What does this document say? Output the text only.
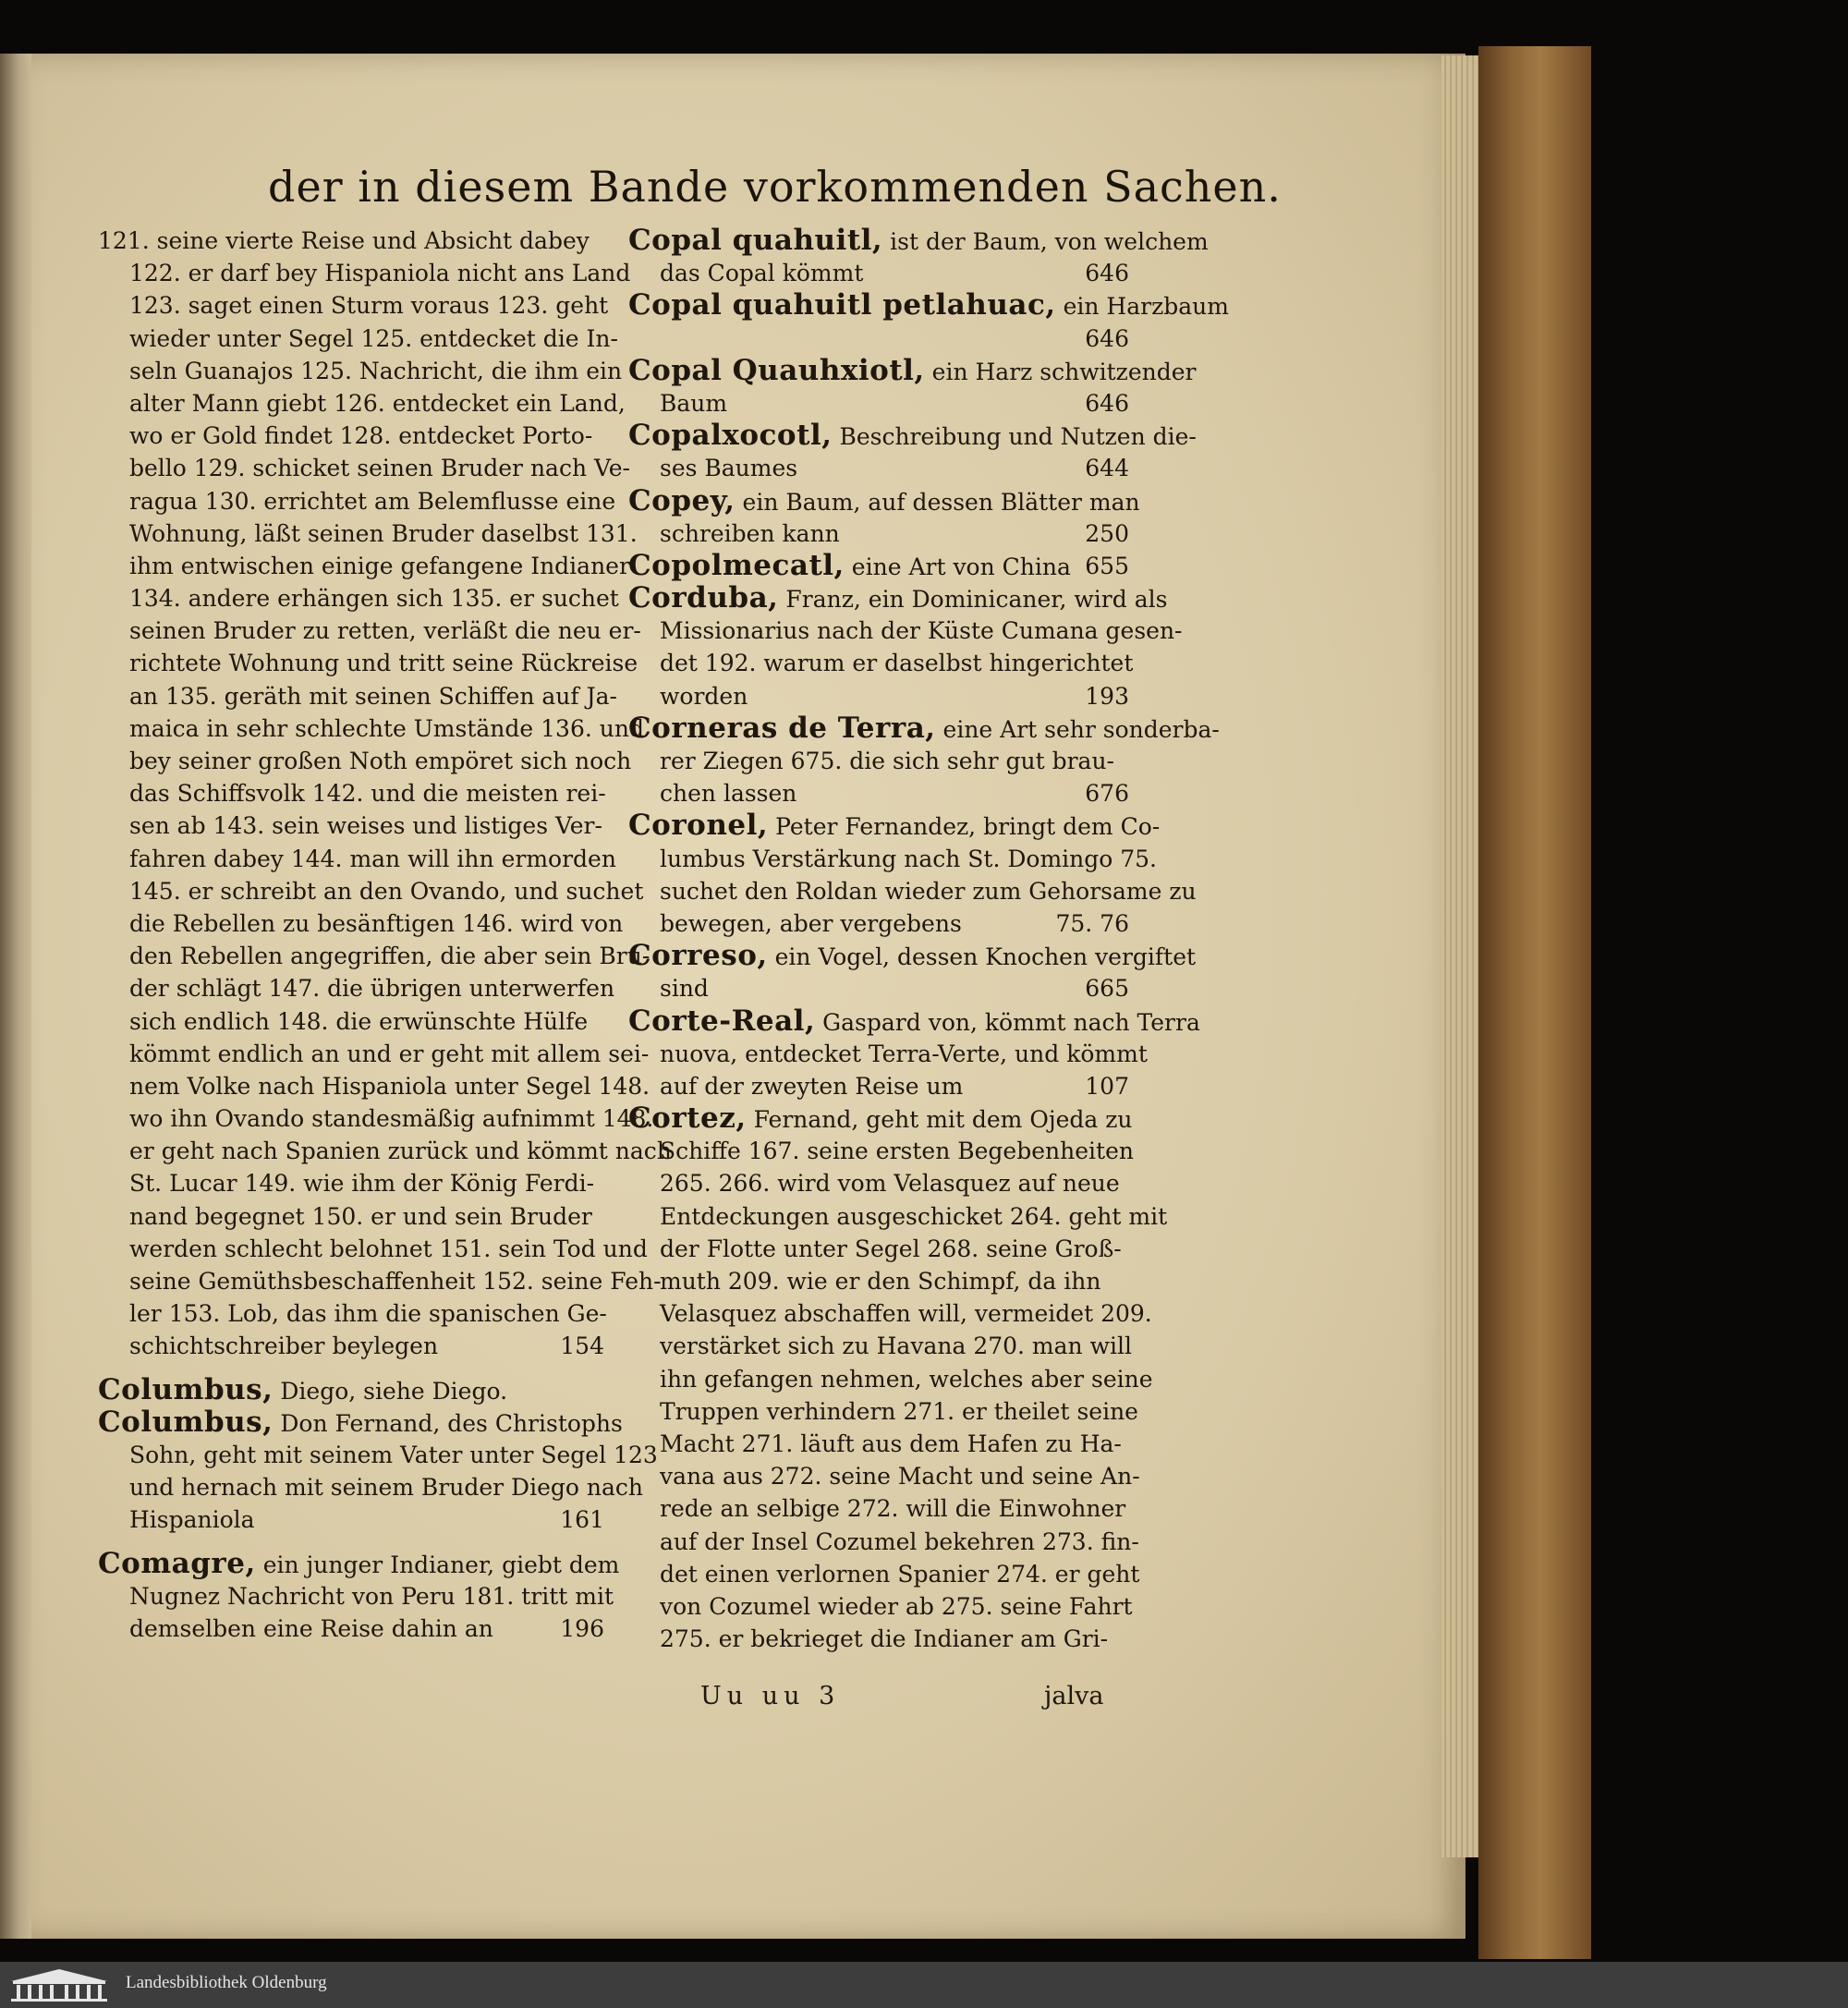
der in diesem Bande vorkommenden Sachen.
121. seine vierte Reise und Absicht dabey
122. er darf bey Hispaniola nicht ans Land
123. saget einen Sturm voraus 123. geht
wieder unter Segel 125. entdecket die In-
seln Guanajos 125. Nachricht, die ihm ein
alter Mann giebt 126. entdecket ein Land,
wo er Gold findet 128. entdecket Porto-
bello 129. schicket seinen Bruder nach Ve-
ragua 130. errichtet am Belemflusse eine
Wohnung, läßt seinen Bruder daselbst 131.
ihm entwischen einige gefangene Indianer
134. andere erhängen sich 135. er suchet
seinen Bruder zu retten, verläßt die neu er-
richtete Wohnung und tritt seine Rückreise
an 135. geräth mit seinen Schiffen auf Ja-
maica in sehr schlechte Umstände 136. und
bey seiner großen Noth empöret sich noch
das Schiffsvolk 142. und die meisten rei-
sen ab 143. sein weises und listiges Ver-
fahren dabey 144. man will ihn ermorden
145. er schreibt an den Ovando, und suchet
die Rebellen zu besänftigen 146. wird von
den Rebellen angegriffen, die aber sein Bru-
der schlägt 147. die übrigen unterwerfen
sich endlich 148. die erwünschte Hülfe
kömmt endlich an und er geht mit allem sei-
nem Volke nach Hispaniola unter Segel 148.
wo ihn Ovando standesmäßig aufnimmt 148.
er geht nach Spanien zurück und kömmt nach
St. Lucar 149. wie ihm der König Ferdi-
nand begegnet 150. er und sein Bruder
werden schlecht belohnet 151. sein Tod und
seine Gemüthsbeschaffenheit 152. seine Feh-
ler 153. Lob, das ihm die spanischen Ge-
schichtschreiber beylegen	154
Columbus, Diego, siehe Diego.
Columbus, Don Fernand, des Christophs
Sohn, geht mit seinem Vater unter Segel 123
und hernach mit seinem Bruder Diego nach
Hispaniola	161
Comagre, ein junger Indianer, giebt dem
Nugnez Nachricht von Peru 181. tritt mit
demselben eine Reise dahin an	196
Copal quahuitl, ist der Baum, von welchem
das Copal kömmt	646
Copal quahuitl petlahuac, ein Harzbaum
646
Copal Quauhxiotl, ein Harz schwitzender
Baum	646
Copalxocotl, Beschreibung und Nutzen die-
ses Baumes	644
Copey, ein Baum, auf dessen Blätter man
schreiben kann	250
Copolmecatl, eine Art von China 655
Corduba, Franz, ein Dominicaner, wird als
Missionarius nach der Küste Cumana gesen-
det 192. warum er daselbst hingerichtet
worden	193
Corneras de Terra, eine Art sehr sonderba-
rer Ziegen 675. die sich sehr gut brau-
chen lassen	676
Coronel, Peter Fernandez, bringt dem Co-
lumbus Verstärkung nach St. Domingo 75.
suchet den Roldan wieder zum Gehorsame zu
bewegen, aber vergebens	75. 76
Correso, ein Vogel, dessen Knochen vergiftet
sind	665
Corte-Real, Gaspard von, kömmt nach Terra
nuova, entdecket Terra-Verte, und kömmt
auf der zweyten Reise um	107
Cortez, Fernand, geht mit dem Ojeda zu
Schiffe 167. seine ersten Begebenheiten
265. 266. wird vom Velasquez auf neue
Entdeckungen ausgeschicket 264. geht mit
der Flotte unter Segel 268. seine Groß-
muth 209. wie er den Schimpf, da ihn
Velasquez abschaffen will, vermeidet 209.
verstärket sich zu Havana 270. man will
ihn gefangen nehmen, welches aber seine
Truppen verhindern 271. er theilet seine
Macht 271. läuft aus dem Hafen zu Ha-
vana aus 272. seine Macht und seine An-
rede an selbige 272. will die Einwohner
auf der Insel Cozumel bekehren 273. fin-
det einen verlornen Spanier 274. er geht
von Cozumel wieder ab 275. seine Fahrt
275. er bekrieget die Indianer am Gri-
Uu uu 3	jalva
Landesbibliothek Oldenburg
